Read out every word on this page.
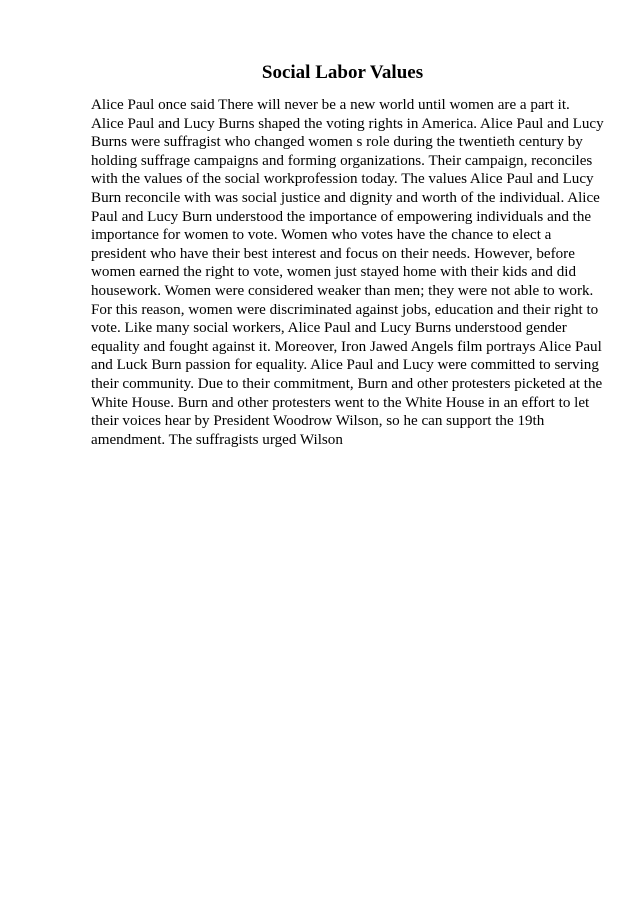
Social Labor Values
Alice Paul once said There will never be a new world until women are a part it.
Alice Paul and Lucy Burns shaped the voting rights in America. Alice Paul and Lucy
Burns were suffragist who changed women s role during the twentieth century by
holding suffrage campaigns and forming organizations. Their campaign, reconciles
with the values of the social workprofession today. The values Alice Paul and Lucy
Burn reconcile with was social justice and dignity and worth of the individual. Alice
Paul and Lucy Burn understood the importance of empowering individuals and the
importance for women to vote. Women who votes have the chance to elect a
president who have their best interest and focus on their needs. However, before
women earned the right to vote, women just stayed home with their kids and did
housework. Women were considered weaker than men; they were not able to work.
For this reason, women were discriminated against jobs, education and their right to
vote. Like many social workers, Alice Paul and Lucy Burns understood gender
equality and fought against it. Moreover, Iron Jawed Angels film portrays Alice Paul
and Luck Burn passion for equality. Alice Paul and Lucy were committed to serving
their community. Due to their commitment, Burn and other protesters picketed at the
White House. Burn and other protesters went to the White House in an effort to let
their voices hear by President Woodrow Wilson, so he can support the 19th
amendment. The suffragists urged Wilson
